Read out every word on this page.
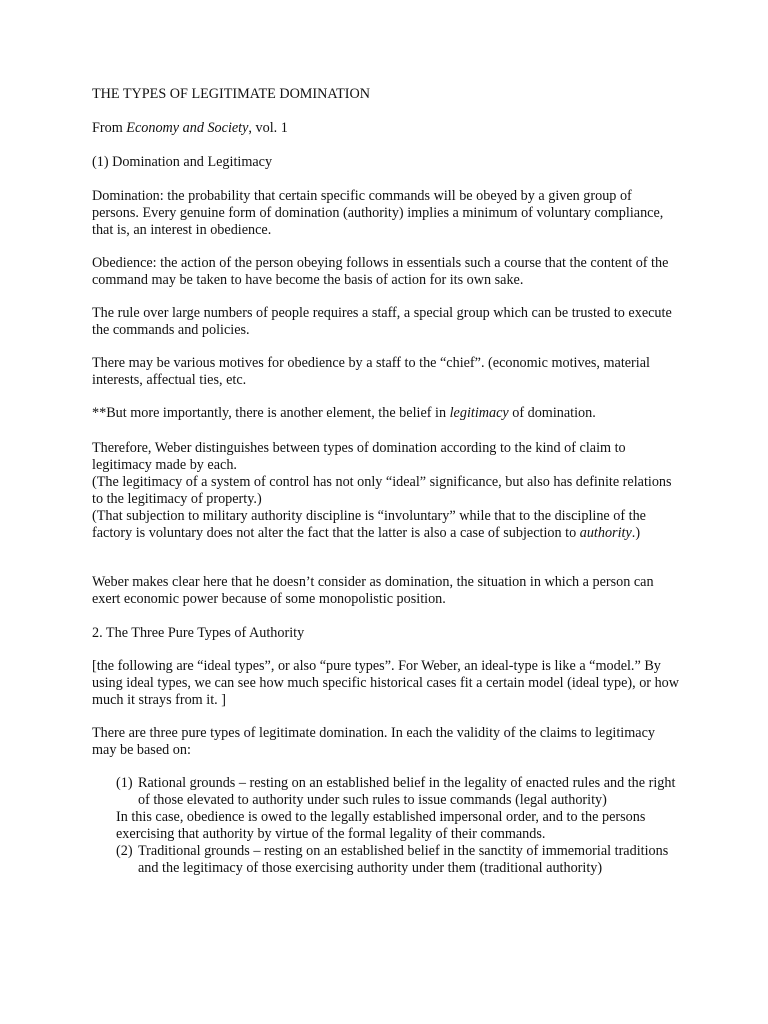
THE TYPES OF LEGITIMATE DOMINATION

From Economy and Society, vol. 1

(1) Domination and Legitimacy

Domination: the probability that certain specific commands will be obeyed by a given group of persons. Every genuine form of domination (authority) implies a minimum of voluntary compliance, that is, an interest in obedience.

Obedience: the action of the person obeying follows in essentials such a course that the content of the command may be taken to have become the basis of action for its own sake.

The rule over large numbers of people requires a staff, a special group which can be trusted to execute the commands and policies.

There may be various motives for obedience by a staff to the “chief”. (economic motives, material interests, affectual ties, etc.

**But more importantly, there is another element, the belief in legitimacy of domination.

Therefore, Weber distinguishes between types of domination according to the kind of claim to legitimacy made by each.

(The legitimacy of a system of control has not only “ideal” significance, but also has definite relations to the legitimacy of property.)

(That subjection to military authority discipline is “involuntary” while that to the discipline of the factory is voluntary does not alter the fact that the latter is also a case of subjection to authority.)

Weber makes clear here that he doesn’t consider as domination, the situation in which a person can exert economic power because of some monopolistic position.

2. The Three Pure Types of Authority

[the following are “ideal types”, or also “pure types”. For Weber, an ideal-type is like a “model.” By using ideal types, we can see how much specific historical cases fit a certain model (ideal type), or how much it strays from it. ]

There are three pure types of legitimate domination. In each the validity of the claims to legitimacy may be based on:

(1) Rational grounds – resting on an established belief in the legality of enacted rules and the right of those elevated to authority under such rules to issue commands (legal authority)

In this case, obedience is owed to the legally established impersonal order, and to the persons exercising that authority by virtue of the formal legality of their commands.

(2) Traditional grounds – resting on an established belief in the sanctity of immemorial traditions and the legitimacy of those exercising authority under them (traditional authority)
